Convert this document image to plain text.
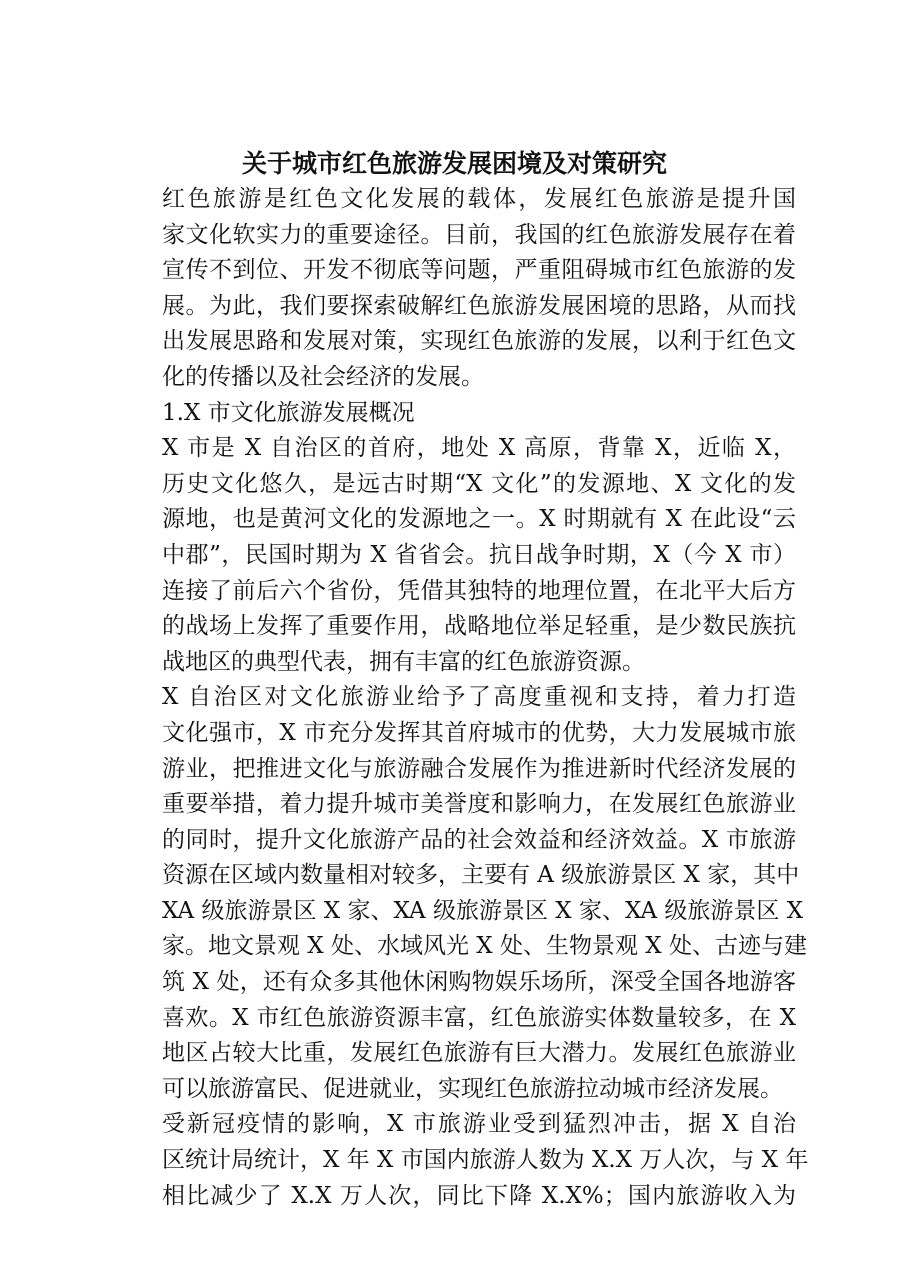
关于城市红色旅游发展困境及对策研究

红色旅游是红色文化发展的载体，发展红色旅游是提升国
家文化软实力的重要途径。目前，我国的红色旅游发展存在着
宣传不到位、开发不彻底等问题，严重阻碍城市红色旅游的发
展。为此，我们要探索破解红色旅游发展困境的思路，从而找
出发展思路和发展对策，实现红色旅游的发展，以利于红色文
化的传播以及社会经济的发展。

1.X 市文化旅游发展概况

X 市是 X 自治区的首府，地处 X 高原，背靠 X，近临 X，
历史文化悠久，是远古时期“X 文化”的发源地、X 文化的发
源地，也是黄河文化的发源地之一。X 时期就有 X 在此设“云
中郡”，民国时期为 X 省省会。抗日战争时期，X（今 X 市）
连接了前后六个省份，凭借其独特的地理位置，在北平大后方
的战场上发挥了重要作用，战略地位举足轻重，是少数民族抗
战地区的典型代表，拥有丰富的红色旅游资源。

X 自治区对文化旅游业给予了高度重视和支持，着力打造
文化强市，X 市充分发挥其首府城市的优势，大力发展城市旅
游业，把推进文化与旅游融合发展作为推进新时代经济发展的
重要举措，着力提升城市美誉度和影响力，在发展红色旅游业
的同时，提升文化旅游产品的社会效益和经济效益。X 市旅游
资源在区域内数量相对较多，主要有 A 级旅游景区 X 家，其中
XA 级旅游景区 X 家、XA 级旅游景区 X 家、XA 级旅游景区 X
家。地文景观 X 处、水域风光 X 处、生物景观 X 处、古迹与建
筑 X 处，还有众多其他休闲购物娱乐场所，深受全国各地游客
喜欢。X 市红色旅游资源丰富，红色旅游实体数量较多，在 X
地区占较大比重，发展红色旅游有巨大潜力。发展红色旅游业
可以旅游富民、促进就业，实现红色旅游拉动城市经济发展。

受新冠疫情的影响，X 市旅游业受到猛烈冲击，据 X 自治
区统计局统计，X 年 X 市国内旅游人数为 X.X 万人次，与 X 年
相比减少了 X.X 万人次，同比下降 X.X%；国内旅游收入为
